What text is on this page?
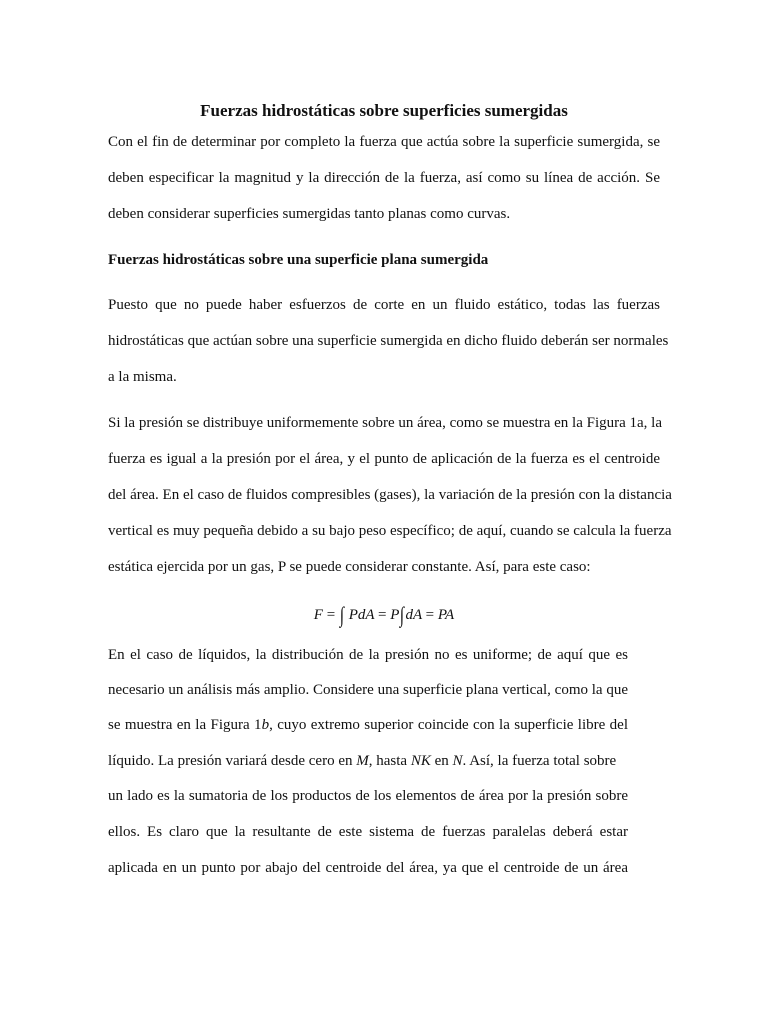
Fuerzas hidrostáticas sobre superficies sumergidas

Con el fin de determinar por completo la fuerza que actúa sobre la superficie sumergida, se

deben especificar la magnitud y la dirección de la fuerza, así como su línea de acción. Se

deben considerar superficies sumergidas tanto planas como curvas.

Fuerzas hidrostáticas sobre una superficie plana sumergida

Puesto que no puede haber esfuerzos de corte en un fluido estático, todas las fuerzas

hidrostáticas que actúan sobre una superficie sumergida en dicho fluido deberán ser normales

a la misma.

Si la presión se distribuye uniformemente sobre un área, como se muestra en la Figura 1a, la

fuerza es igual a la presión por el área, y el punto de aplicación de la fuerza es el centroide

del área. En el caso de fluidos compresibles (gases), la variación de la presión con la distancia

vertical es muy pequeña debido a su bajo peso específico; de aquí, cuando se calcula la fuerza

estática ejercida por un gas, P se puede considerar constante. Así, para este caso:

F = ∫ PdA = P∫dA = PA

En el caso de líquidos, la distribución de la presión no es uniforme; de aquí que es

necesario un análisis más amplio. Considere una superficie plana vertical, como la que

se muestra en la Figura 1b, cuyo extremo superior coincide con la superficie libre del

líquido. La presión variará desde cero en M, hasta NK en N. Así, la fuerza total sobre

un lado es la sumatoria de los productos de los elementos de área por la presión sobre

ellos. Es claro que la resultante de este sistema de fuerzas paralelas deberá estar

aplicada en un punto por abajo del centroide del área, ya que el centroide de un área
